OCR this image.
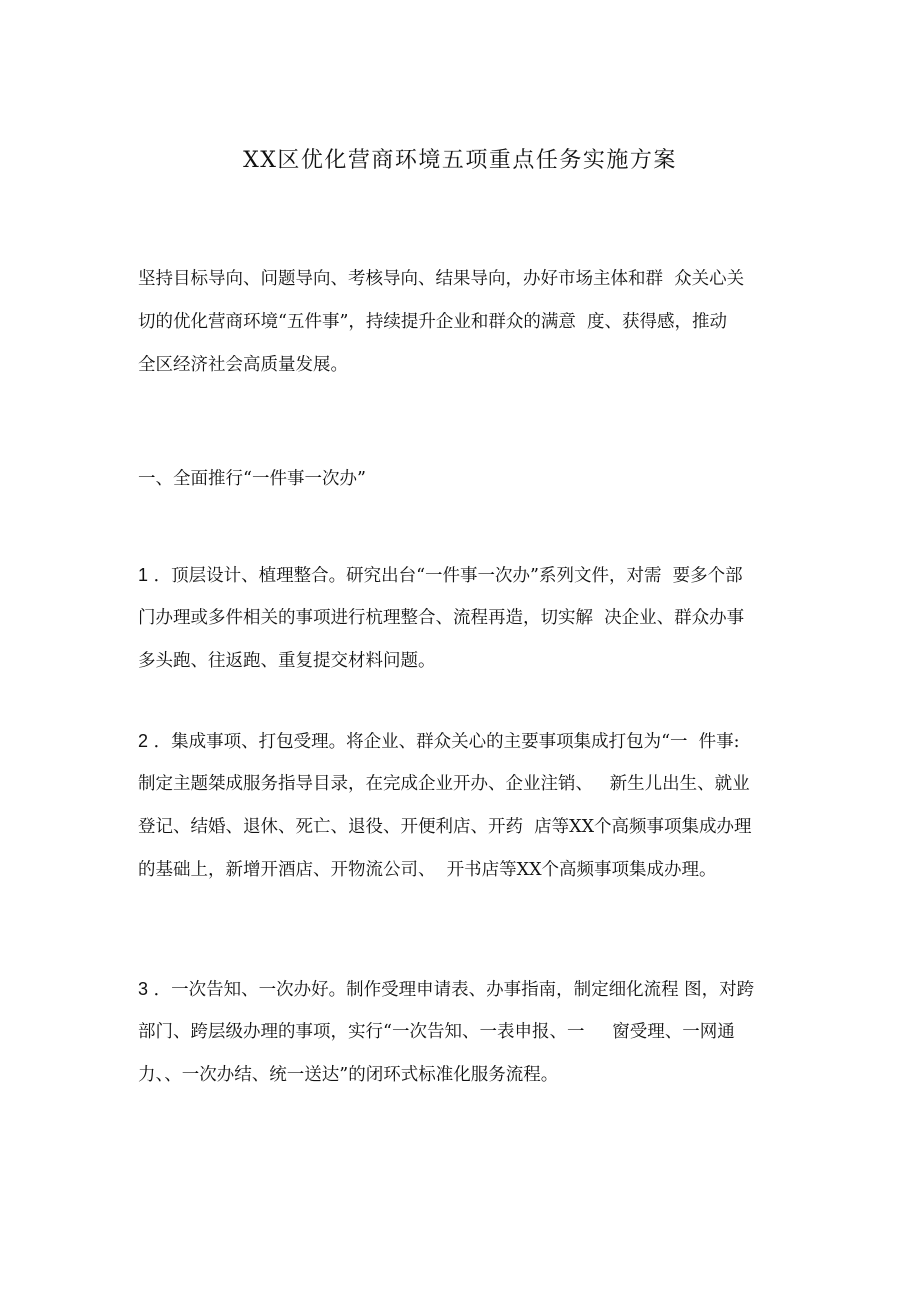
XX区优化营商环境五项重点任务实施方案
坚持目标导向、问题导向、考核导向、结果导向，办好市场主体和群  众关心关
切的优化营商环境“五件事”，持续提升企业和群众的满意  度、获得感，推动
全区经济社会高质量发展。
一、全面推行“一件事一次办”
1 ．顶层设计、植理整合。研究出台“一件事一次办”系列文件，对需  要多个部
门办理或多件相关的事项进行杭理整合、流程再造，切实解  决企业、群众办事
多头跑、往返跑、重复提交材料问题。
2 ．集成事项、打包受理。将企业、群众关心的主要事项集成打包为“一  件事:
制定主题桀成服务指导目录，在完成企业开办、企业注销、   新生儿出生、就业
登记、结婚、退休、死亡、退役、开便利店、开药  店等XX个高频事项集成办理
的基础上，新增开酒店、开物流公司、  开书店等XX个高频事项集成办理。
3 ．一次告知、一次办好。制作受理申请表、办事指南，制定细化流程 图，对跨
部门、跨层级办理的事项，实行“一次告知、一表申报、一     窗受理、一网通
力、、一次办结、统一送达”的闭环式标准化服务流程。
